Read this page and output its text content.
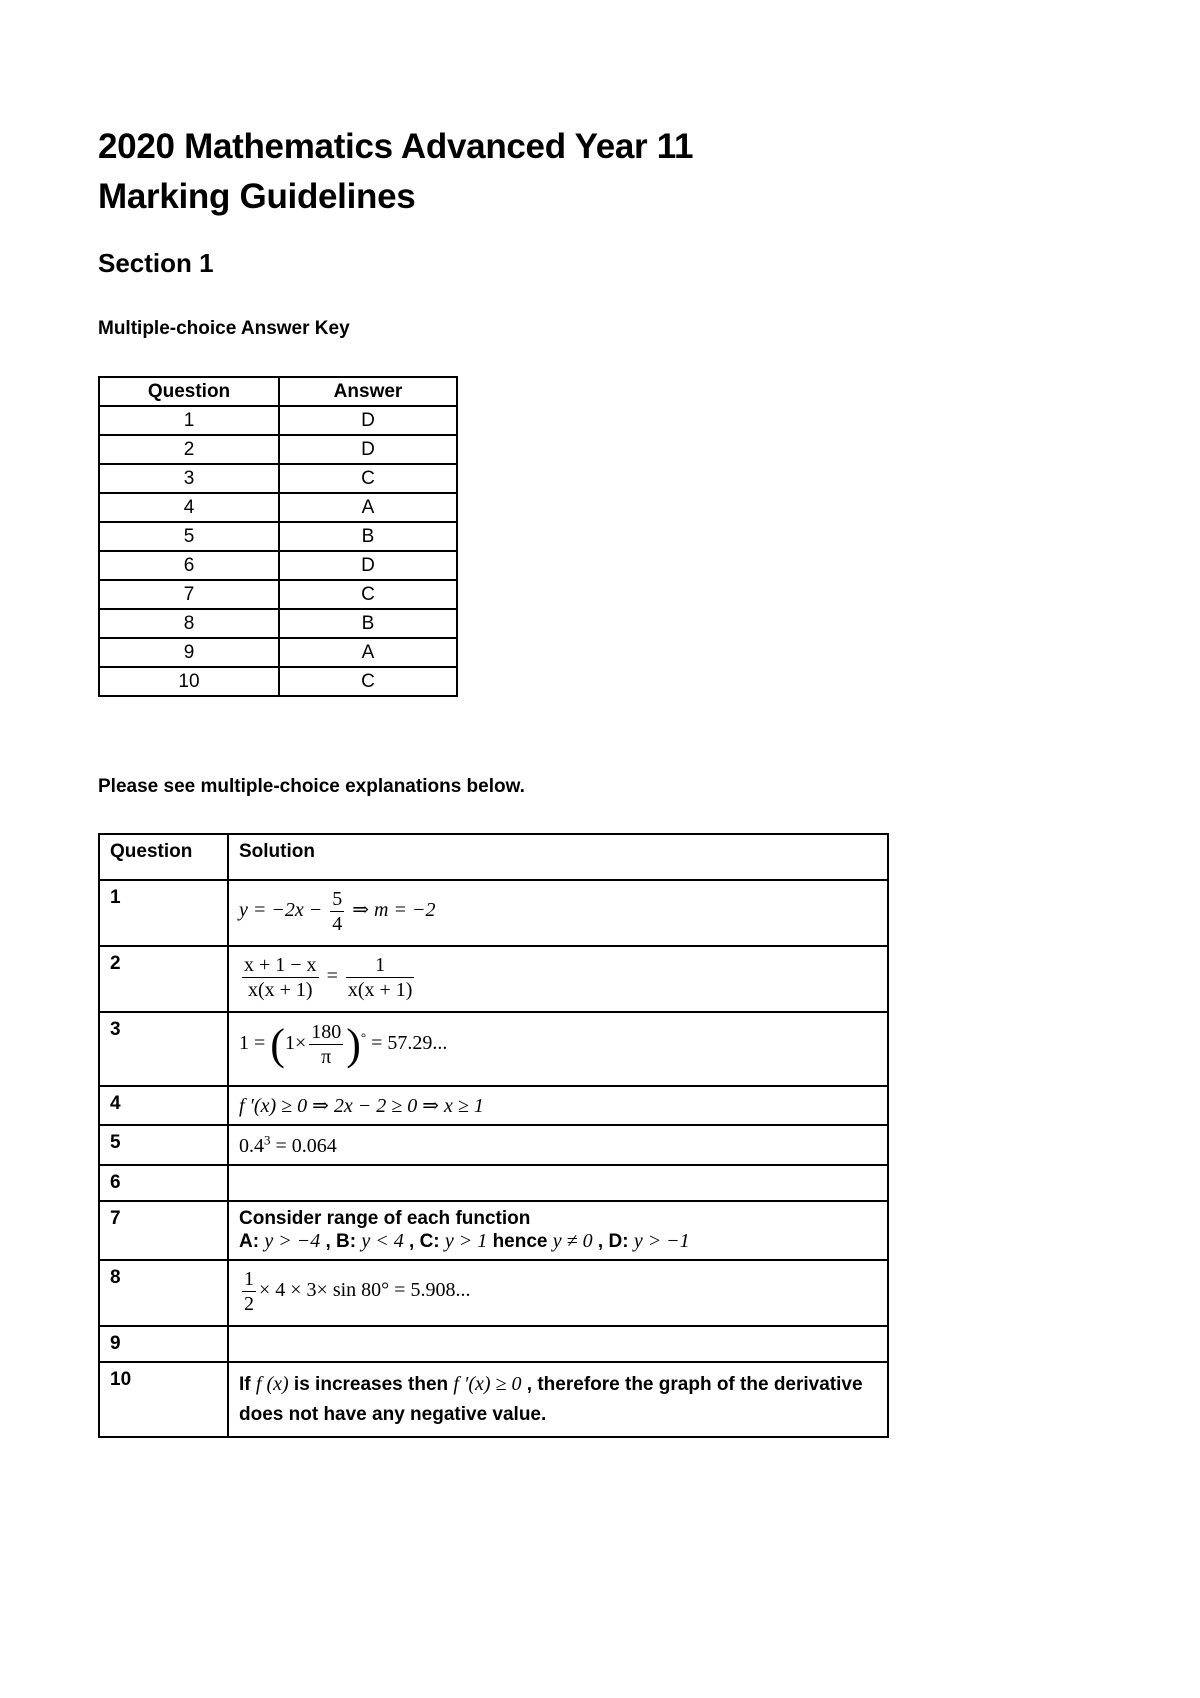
2020 Mathematics Advanced Year 11
Marking Guidelines
Section 1
Multiple-choice Answer Key
Question	Answer
1	D
2	D
3	C
4	A
5	B
6	D
7	C
8	B
9	A
10	C
Please see multiple-choice explanations below.
Question	Solution
1	$y = -2x - \frac{5}{4}$ ⇒ m = −2
2	$\frac{x + 1 - x}{x(x + 1)} = \frac{1}{x(x + 1)}$

3	$1 = (1\times \frac{180}{\pi} )^\circ = 57.29$...
4	f ′(x) ≥ 0 ⇒ 2x − 2 ≥ 0 ⇒ x ≥ 1
5	$0.4^3 = 0.064$
6	
7	Consider range of each function
A: y > −4 , B: y < 4 , C: y > 1 hence y ≠ 0 , D: y > −1

8	$\frac{1}{2} \times 4 \times 3\times \sin 80^\circ = 5.908$...
9	
10	If f (x) is increases then f ′(x) ≥ 0 , therefore the graph of the derivative does not have any negative value.
